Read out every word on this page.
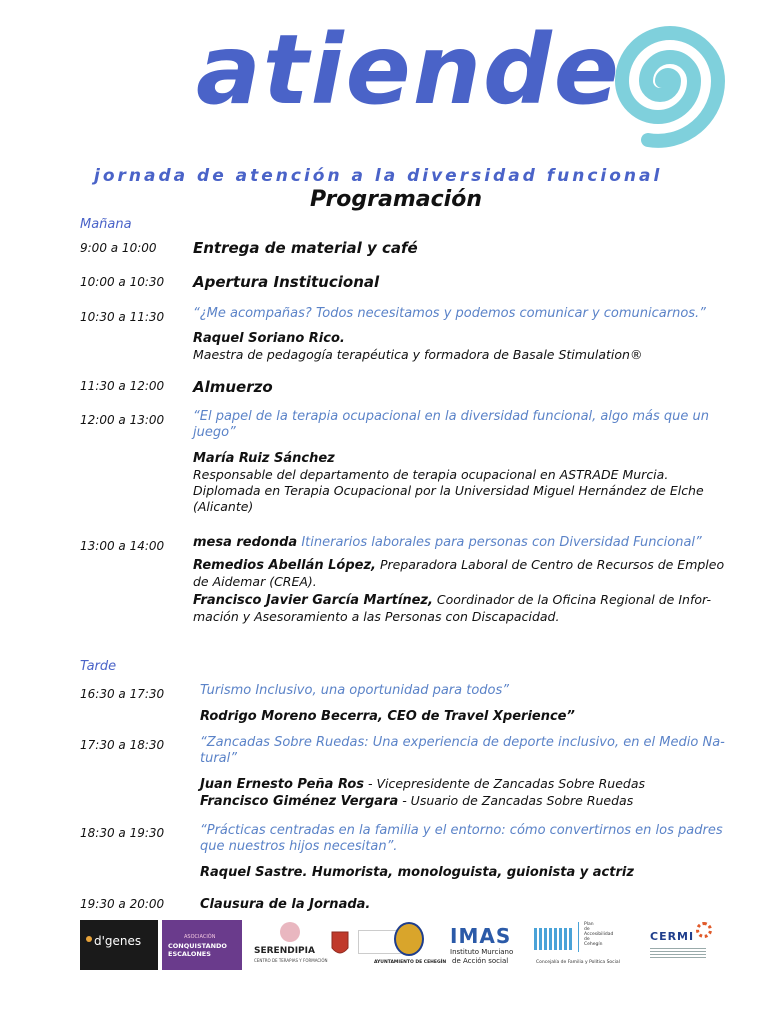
atiende
jornada de atención a la diversidad funcional
Programación
Mañana
9:00 a 10:00 Entrega de material y café
10:00 a 10:30 Apertura Institucional
10:30 a 11:30 “¿Me acompañas? Todos necesitamos y podemos comunicar y comunicarnos.”
Raquel Soriano Rico.
Maestra de pedagogía terapéutica y formadora de Basale Stimulation®
11:30 a 12:00 Almuerzo
12:00 a 13:00 “El papel de la terapia ocupacional en la diversidad funcional, algo más que un
juego”
María Ruiz Sánchez
Responsable del departamento de terapia ocupacional en ASTRADE Murcia.
Diplomada en Terapia Ocupacional por la Universidad Miguel Hernández de Elche
(Alicante)
13:00 a 14:00 mesa redonda Itinerarios laborales para personas con Diversidad Funcional”
Remedios Abellán López, Preparadora Laboral de Centro de Recursos de Empleo
de Aidemar (CREA).
Francisco Javier García Martínez, Coordinador de la Oficina Regional de Infor-
mación y Asesoramiento a las Personas con Discapacidad.
Tarde
16:30 a 17:30	Turismo Inclusivo, una oportunidad para todos”
Rodrigo Moreno Becerra, CEO de Travel Xperience”
17:30 a 18:30	“Zancadas Sobre Ruedas: Una experiencia de deporte inclusivo, en el Medio Na-
tural”
Juan Ernesto Peña Ros - Vicepresidente de Zancadas Sobre Ruedas
Francisco Giménez Vergara - Usuario de Zancadas Sobre Ruedas
18:30 a 19:30	“Prácticas centradas en la familia y el entorno: cómo convertirnos en los padres
que nuestros hijos necesitan”.
Raquel Sastre. Humorista, monologuista, guionista y actriz
19:30 a 20:00	Clausura de la Jornada.
d'genes	ASOCIACIÓN
CONQUISTANDO ESCALONES	SERENDIPIA
CENTRO DE TERAPIAS Y FORMACIÓN	AYUNTAMIENTO DE CEHEGÍN
IMAS
Instituto Murciano
de Acción social
Plan
de
Accesibilidad
de
Cehegín
Concejalía de Familia y Política Social
CERMI
